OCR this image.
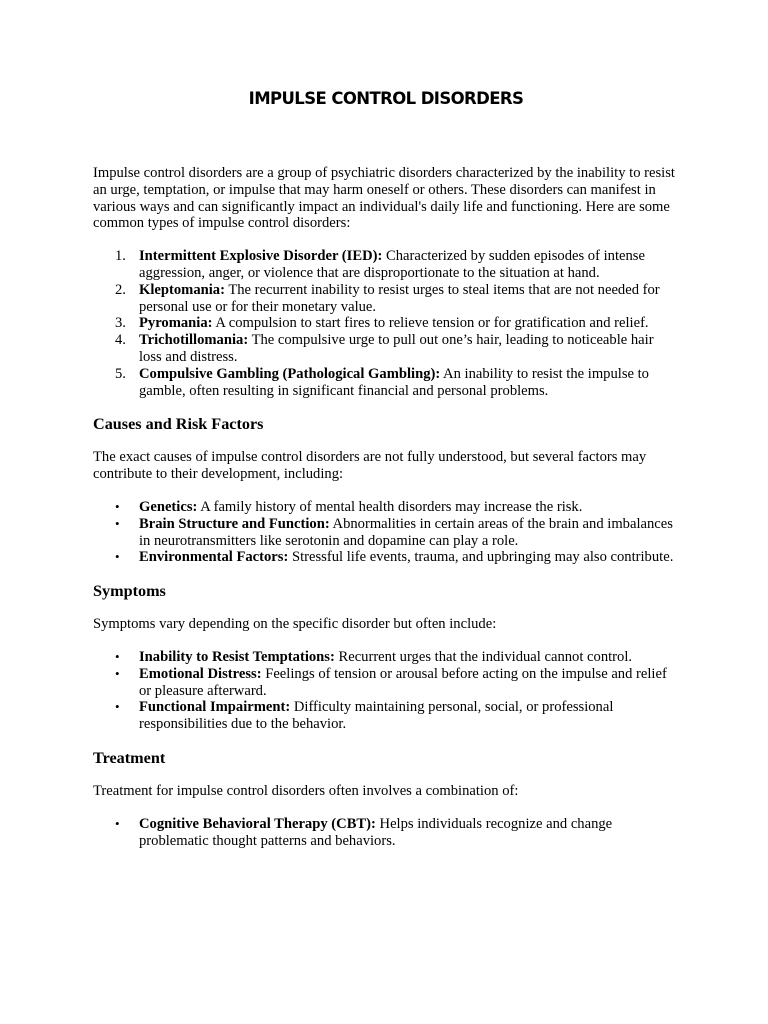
IMPULSE CONTROL DISORDERS

Impulse control disorders are a group of psychiatric disorders characterized by the inability to resist an urge, temptation, or impulse that may harm oneself or others. These disorders can manifest in various ways and can significantly impact an individual's daily life and functioning. Here are some common types of impulse control disorders:

1. Intermittent Explosive Disorder (IED): Characterized by sudden episodes of intense aggression, anger, or violence that are disproportionate to the situation at hand.
2. Kleptomania: The recurrent inability to resist urges to steal items that are not needed for personal use or for their monetary value.
3. Pyromania: A compulsion to start fires to relieve tension or for gratification and relief.
4. Trichotillomania: The compulsive urge to pull out one’s hair, leading to noticeable hair loss and distress.
5. Compulsive Gambling (Pathological Gambling): An inability to resist the impulse to gamble, often resulting in significant financial and personal problems.
Causes and Risk Factors

The exact causes of impulse control disorders are not fully understood, but several factors may contribute to their development, including:

• Genetics: A family history of mental health disorders may increase the risk.
• Brain Structure and Function: Abnormalities in certain areas of the brain and imbalances in neurotransmitters like serotonin and dopamine can play a role.
• Environmental Factors: Stressful life events, trauma, and upbringing may also contribute.
Symptoms

Symptoms vary depending on the specific disorder but often include:

• Inability to Resist Temptations: Recurrent urges that the individual cannot control.
• Emotional Distress: Feelings of tension or arousal before acting on the impulse and relief or pleasure afterward.
• Functional Impairment: Difficulty maintaining personal, social, or professional responsibilities due to the behavior.
Treatment

Treatment for impulse control disorders often involves a combination of:

• Cognitive Behavioral Therapy (CBT): Helps individuals recognize and change problematic thought patterns and behaviors.
